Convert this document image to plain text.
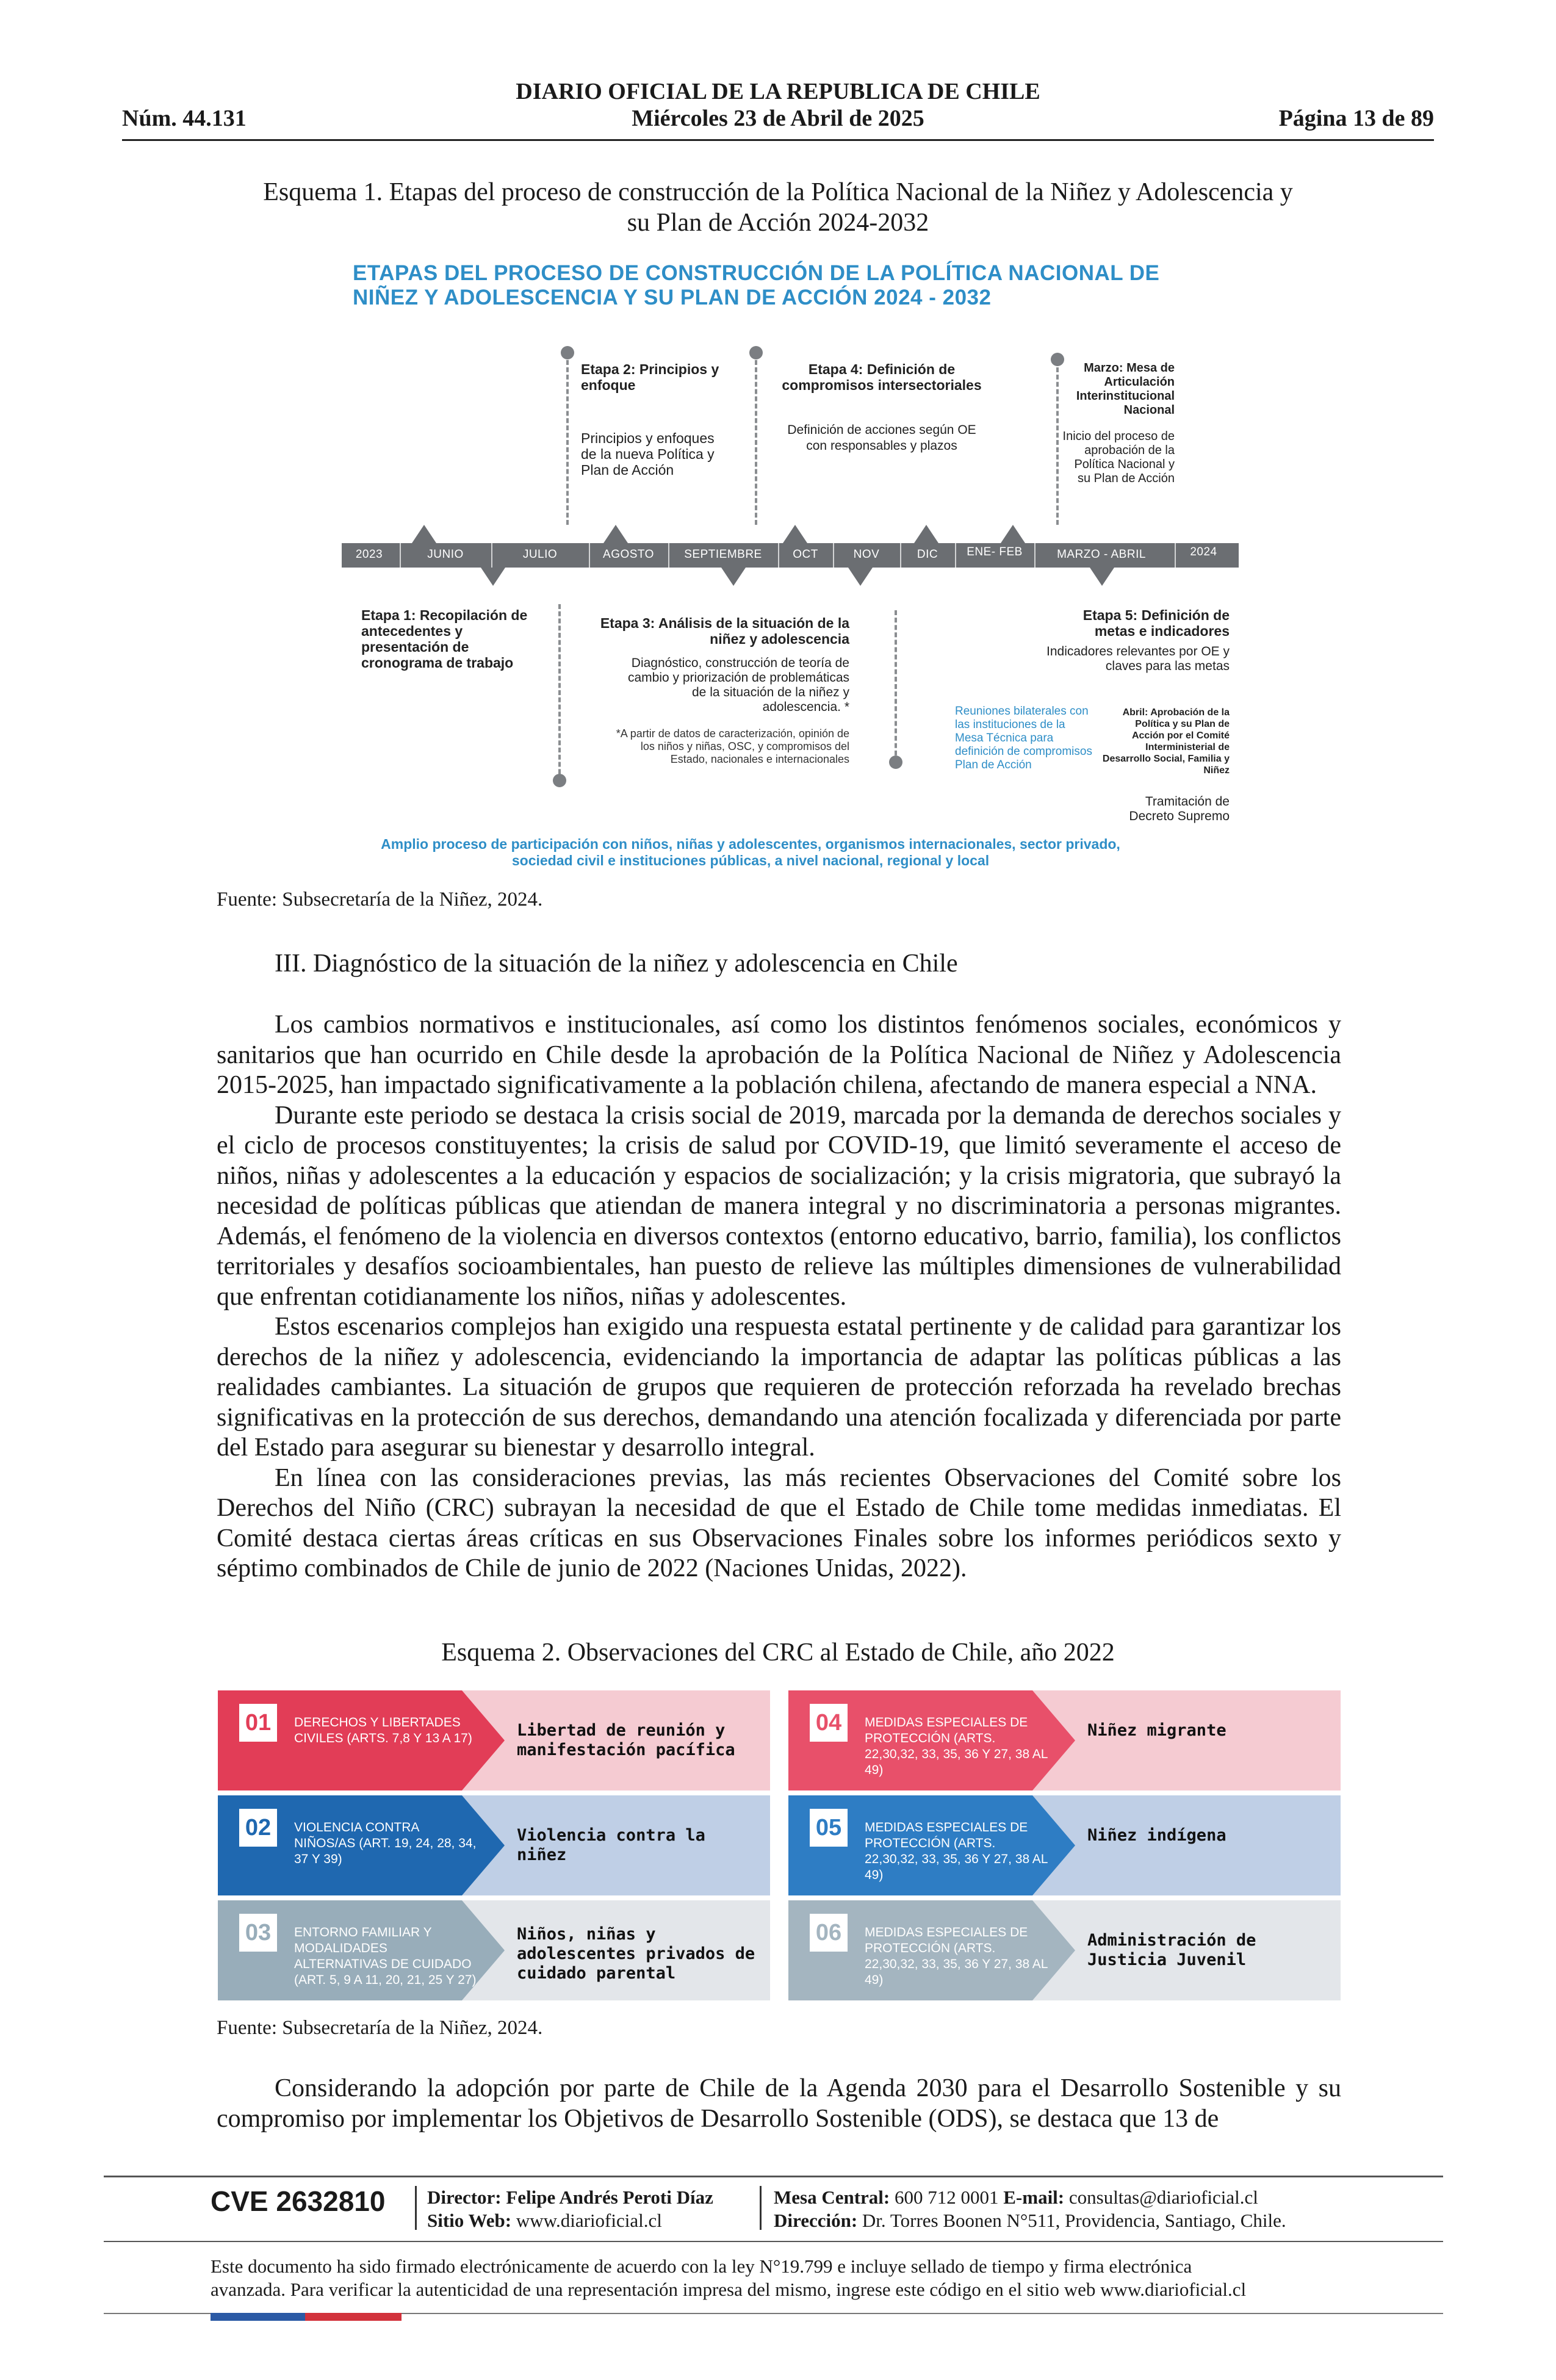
DIARIO OFICIAL DE LA REPUBLICA DE CHILE
Núm. 44.131	Miércoles 23 de Abril de 2025	Página 13 de 89
Esquema 1. Etapas del proceso de construcción de la Política Nacional de la Niñez y Adolescencia y
su Plan de Acción 2024-2032
ETAPAS DEL PROCESO DE CONSTRUCCIÓN DE LA POLÍTICA NACIONAL DE
NIÑEZ Y ADOLESCENCIA Y SU PLAN DE ACCIÓN 2024 - 2032
Etapa 2: Principios y enfoque
Principios y enfoques de la nueva Política y Plan de Acción
Etapa 4: Definición de compromisos intersectoriales
Definición de acciones según OE con responsables y plazos
Marzo: Mesa de Articulación Interinstitucional Nacional
Inicio del proceso de aprobación de la Política Nacional y su Plan de Acción
2023	JUNIO	JULIO	AGOSTO	SEPTIEMBRE	OCT	NOV	DIC	ENE- FEB	MARZO - ABRIL	2024
Etapa 1: Recopilación de antecedentes y presentación de cronograma de trabajo
Etapa 3: Análisis de la situación de la niñez y adolescencia
Diagnóstico, construcción de teoría de cambio y priorización de problemáticas de la situación de la niñez y adolescencia. *
*A partir de datos de caracterización, opinión de los niños y niñas, OSC, y compromisos del Estado, nacionales e internacionales
Etapa 5: Definición de metas e indicadores
Indicadores relevantes por OE y claves para las metas
Reuniones bilaterales con las instituciones de la Mesa Técnica para definición de compromisos Plan de Acción
Abril: Aprobación de la Política y su Plan de Acción por el Comité Interministerial de Desarrollo Social, Familia y Niñez
Tramitación de Decreto Supremo
Amplio proceso de participación con niños, niñas y adolescentes, organismos internacionales, sector privado, sociedad civil e instituciones públicas, a nivel nacional, regional y local
Fuente: Subsecretaría de la Niñez, 2024.
III. Diagnóstico de la situación de la niñez y adolescencia en Chile

Los cambios normativos e institucionales, así como los distintos fenómenos sociales, económicos y sanitarios que han ocurrido en Chile desde la aprobación de la Política Nacional de Niñez y Adolescencia 2015-2025, han impactado significativamente a la población chilena, afectando de manera especial a NNA.

Durante este periodo se destaca la crisis social de 2019, marcada por la demanda de derechos sociales y el ciclo de procesos constituyentes; la crisis de salud por COVID-19, que limitó severamente el acceso de niños, niñas y adolescentes a la educación y espacios de socialización; y la crisis migratoria, que subrayó la necesidad de políticas públicas que atiendan de manera integral y no discriminatoria a personas migrantes. Además, el fenómeno de la violencia en diversos contextos (entorno educativo, barrio, familia), los conflictos territoriales y desafíos socioambientales, han puesto de relieve las múltiples dimensiones de vulnerabilidad que enfrentan cotidianamente los niños, niñas y adolescentes.

Estos escenarios complejos han exigido una respuesta estatal pertinente y de calidad para garantizar los derechos de la niñez y adolescencia, evidenciando la importancia de adaptar las políticas públicas a las realidades cambiantes. La situación de grupos que requieren de protección reforzada ha revelado brechas significativas en la protección de sus derechos, demandando una atención focalizada y diferenciada por parte del Estado para asegurar su bienestar y desarrollo integral.

En línea con las consideraciones previas, las más recientes Observaciones del Comité sobre los Derechos del Niño (CRC) subrayan la necesidad de que el Estado de Chile tome medidas inmediatas. El Comité destaca ciertas áreas críticas en sus Observaciones Finales sobre los informes periódicos sexto y séptimo combinados de Chile de junio de 2022 (Naciones Unidas, 2022).

Esquema 2. Observaciones del CRC al Estado de Chile, año 2022
01	DERECHOS Y LIBERTADES CIVILES (ARTS. 7,8 Y 13 A 17)	Libertad de reunión y manifestación pacífica
02	VIOLENCIA CONTRA NIÑOS/AS (ART. 19, 24, 28, 34, 37 Y 39)
Violencia contra la niñez
03	ENTORNO FAMILIAR Y MODALIDADES ALTERNATIVAS DE CUIDADO (ART. 5, 9 A 11, 20, 21, 25 Y 27)
Niños, niñas y adolescentes privados de cuidado parental
04	MEDIDAS ESPECIALES DE PROTECCIÓN (ARTS. 22,30,32, 33, 35, 36 Y 27, 38 AL 49)
Niñez migrante
05	MEDIDAS ESPECIALES DE PROTECCIÓN (ARTS. 22,30,32, 33, 35, 36 Y 27, 38 AL 49)
Niñez indígena
06	MEDIDAS ESPECIALES DE PROTECCIÓN (ARTS. 22,30,32, 33, 35, 36 Y 27, 38 AL 49)
Administración de Justicia Juvenil
Fuente: Subsecretaría de la Niñez, 2024.

Considerando la adopción por parte de Chile de la Agenda 2030 para el Desarrollo Sostenible y su compromiso por implementar los Objetivos de Desarrollo Sostenible (ODS), se destaca que 13 de

CVE 2632810 Director: Felipe Andrés Peroti Díaz
Sitio Web: www.diarioficial.cl
Mesa Central: 600 712 0001 E-mail: consultas@diarioficial.cl
Dirección: Dr. Torres Boonen N°511, Providencia, Santiago, Chile.
Este documento ha sido firmado electrónicamente de acuerdo con la ley N°19.799 e incluye sellado de tiempo y firma electrónica
avanzada. Para verificar la autenticidad de una representación impresa del mismo, ingrese este código en el sitio web www.diarioficial.cl
